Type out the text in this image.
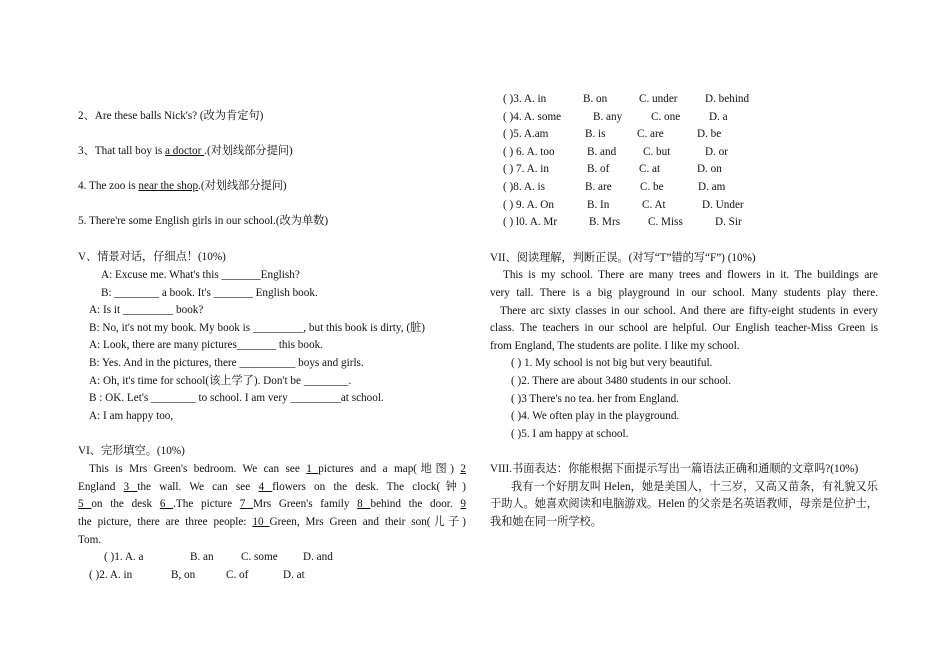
2、Are these balls Nick's? (改为肯定句)
3、That tall boy is a doctor .(对划线部分提问)
4. The zoo is near the shop.(对划线部分提问)
5. There're some English girls in our school.(改为单数)
V、情景对话，仔细点！(10%)
A: Excuse me. What's this _______English?
B: ________ a book. It's _______ English book.
A: Is it _________ book?
B: No, it's not my book. My book is _________, but this book is dirty, (脏)
A: Look, there are many pictures_______ this book.
B: Yes. And in the pictures, there __________ boys and girls.
A: Oh, it's time for school(该上学了). Don't be ________.
B : OK. Let's ________ to school. I am very _________at school.
A: I am happy too,
VI、完形填空。(10%)
This is Mrs Green's bedroom. We can see 1 pictures and a map(地图) 2
England 3 the wall. We can see 4 flowers on the desk. The clock(钟)
5 on the desk 6 .The picture 7 Mrs Green's family 8 behind the door. 9
the picture, there are three people: 10 Green, Mrs Green and their son(儿子)
Tom.
( )1. A. a	B. an C. some D. and
( )2. A. in	B, on	C. of	D. at
( )3. A. in	B. on	C. under D. behind
( )4. A. some	B. any	C. one	D. a
( )5. A.am	B. is	C. are	D. be
( ) 6. A. too	B. and C. but	D. or
( ) 7. A. in	B. of	C. at	D. on
( )8. A. is	B. are	C. be	D. am
( ) 9. A. On	B. In	C. At	D. Under
( ) l0. A. Mr	B. Mrs C. Miss	D. Sir
VII、阅读理解，判断正误。(对写“T”错的写“F”) (10%)
This is my school. There are many trees and flowers in it. The buildings are
very tall. There is a big playground in our school. Many students play there.
There arc sixty classes in our school. And there are fifty-eight students in every
class. The teachers in our school are helpful. Our English teacher-Miss Green is
from England, The students are polite. I like my school.
( ) 1. My school is not big but very beautiful.
( )2. There are about 3480 students in our school.
( )3 There's no tea. her from England.
( )4. We often play in the playground.
( )5. I am happy at school.
VIII.书面表达：你能根据下面提示写出一篇语法正确和通顺的文章吗?(10%)
我有一个好朋友叫 Helen，她是美国人，十三岁，又高又苗条，有礼貌又乐
于助人。她喜欢阅读和电脑游戏。Helen 的父亲是名英语教师，母亲是位护士，
我和她在同一所学校。
